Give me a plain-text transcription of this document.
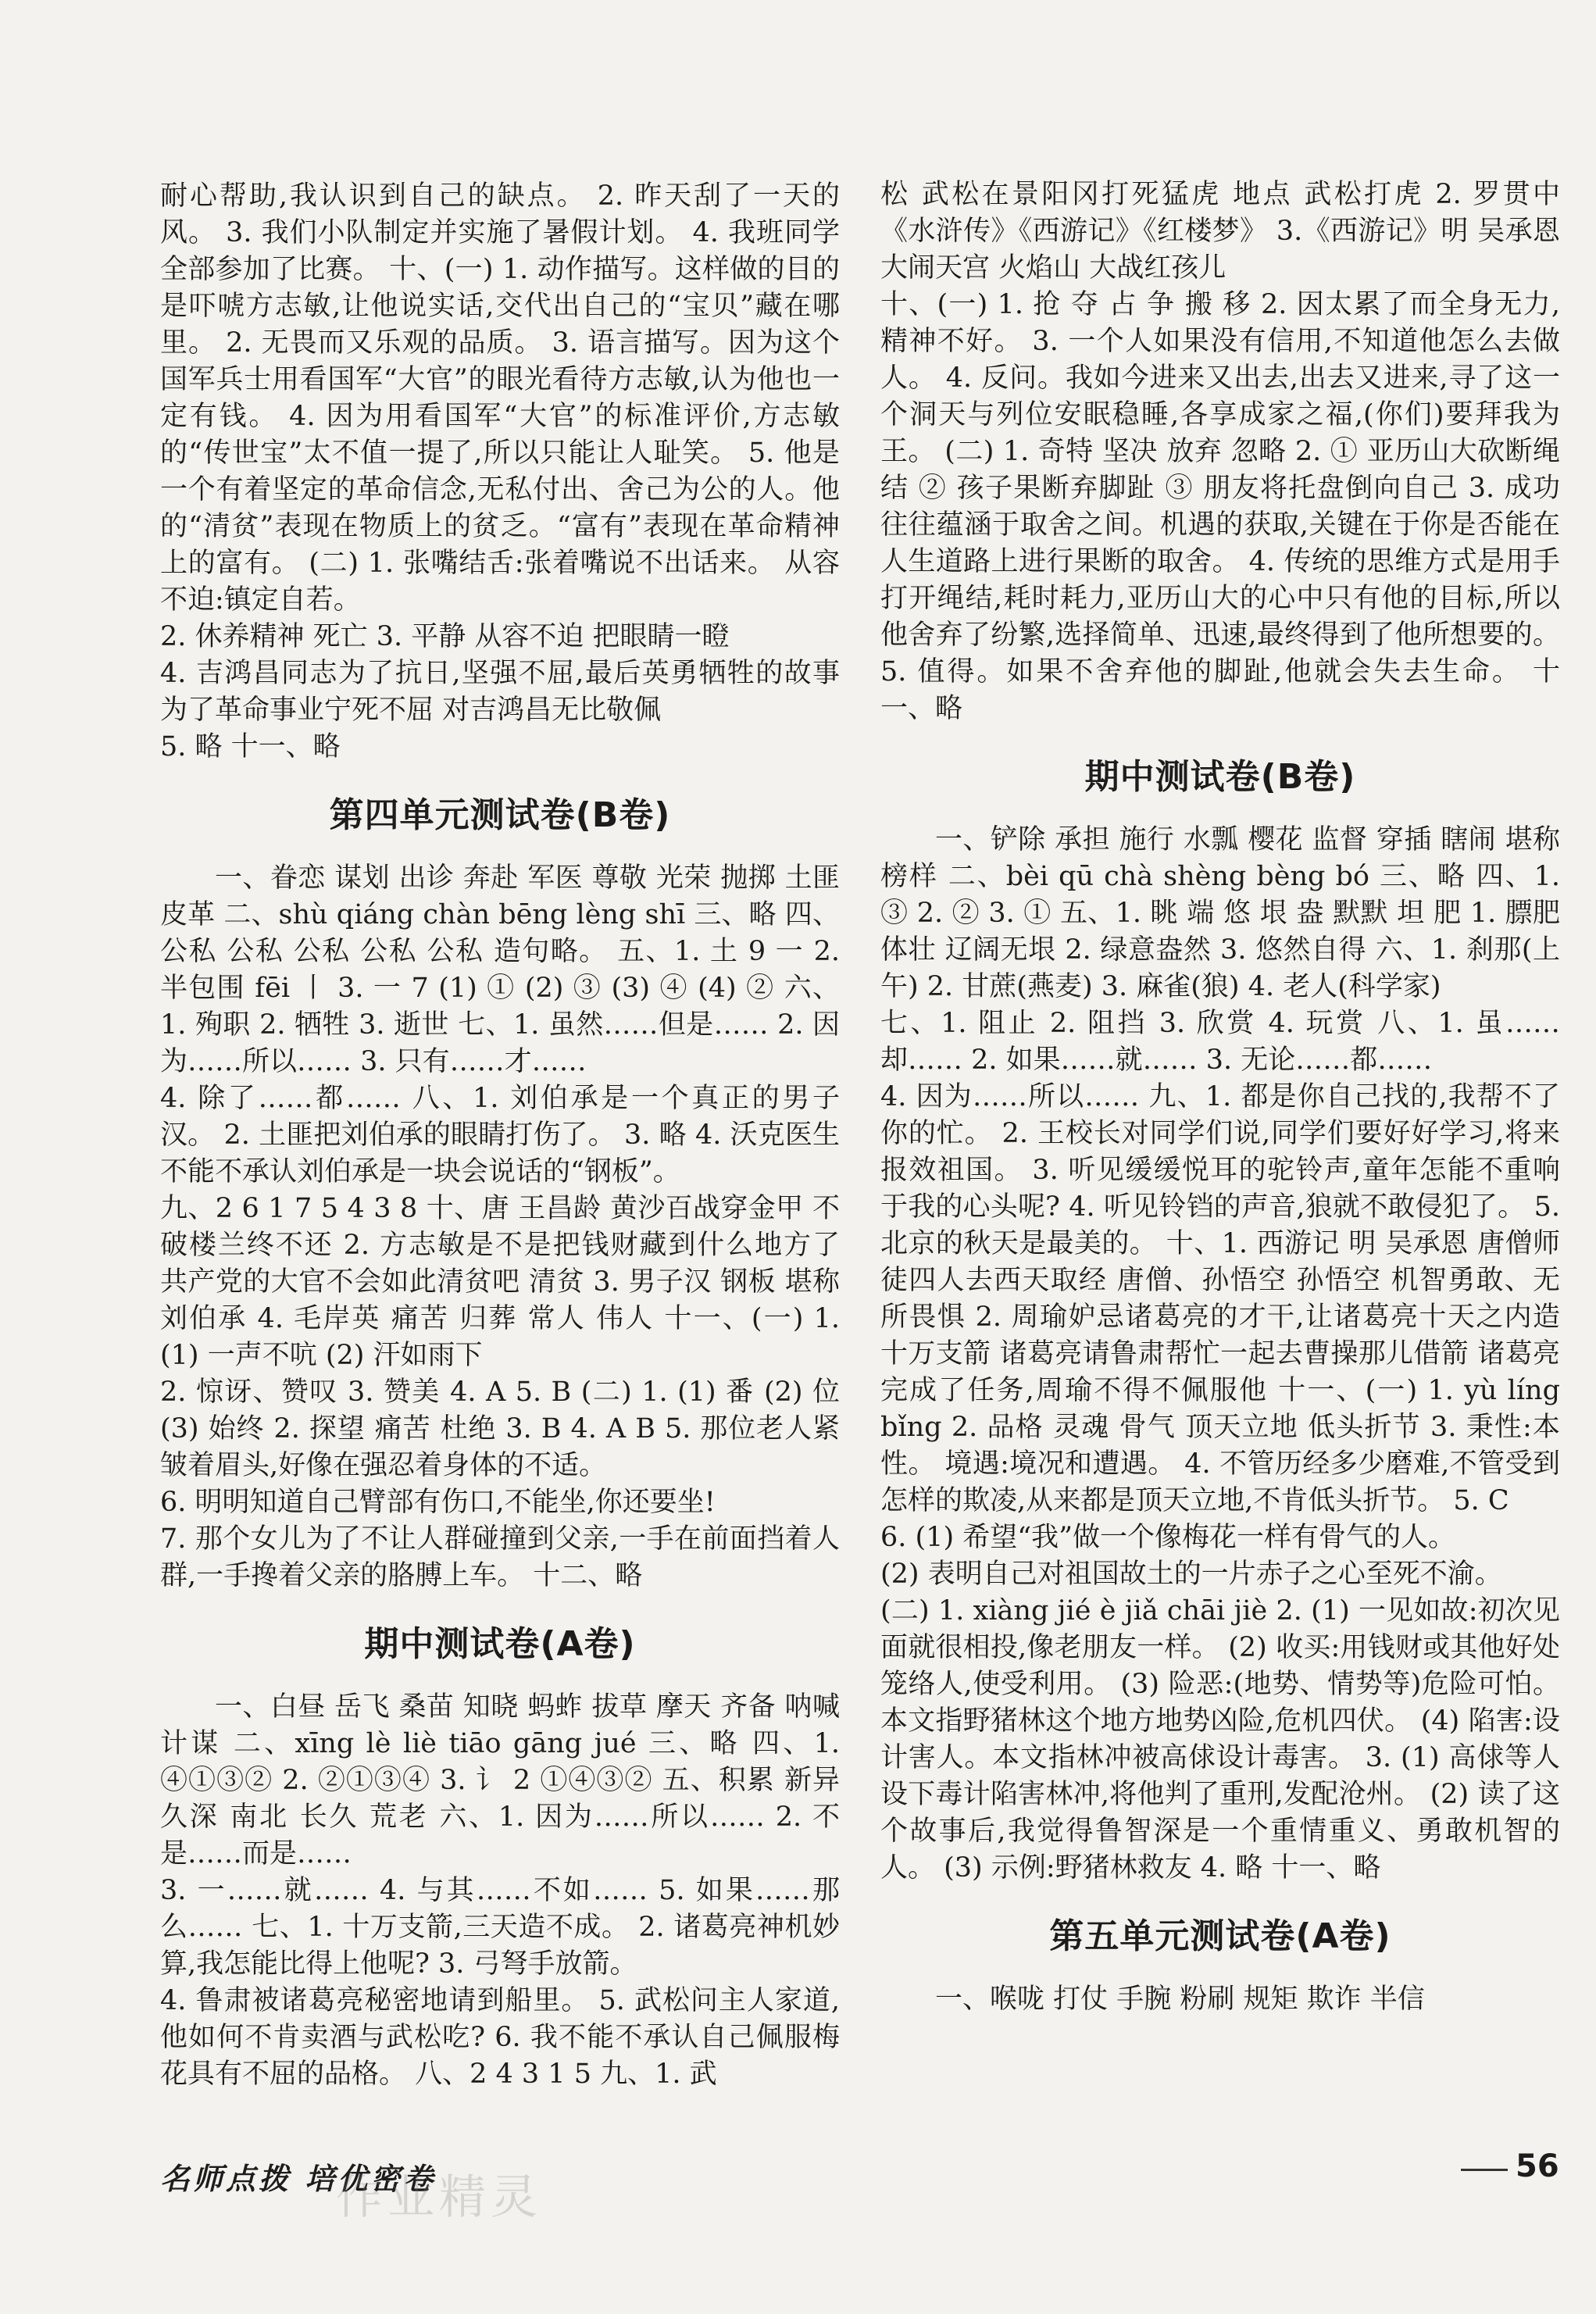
耐心帮助,我认识到自己的缺点。 2. 昨天刮了一天的风。 3. 我们小队制定并实施了暑假计划。 4. 我班同学全部参加了比赛。 十、(一) 1. 动作描写。这样做的目的是吓唬方志敏,让他说实话,交代出自己的“宝贝”藏在哪里。 2. 无畏而又乐观的品质。 3. 语言描写。因为这个国军兵士用看国军“大官”的眼光看待方志敏,认为他也一定有钱。 4. 因为用看国军“大官”的标准评价,方志敏的“传世宝”太不值一提了,所以只能让人耻笑。 5. 他是一个有着坚定的革命信念,无私付出、舍己为公的人。他的“清贫”表现在物质上的贫乏。“富有”表现在革命精神上的富有。 (二) 1. 张嘴结舌:张着嘴说不出话来。 从容不迫:镇定自若。

2. 休养精神 死亡 3. 平静 从容不迫 把眼睛一瞪

4. 吉鸿昌同志为了抗日,坚强不屈,最后英勇牺牲的故事 为了革命事业宁死不屈 对吉鸿昌无比敬佩

5. 略 十一、略

第四单元测试卷(B卷)

一、眷恋 谋划 出诊 奔赴 军医 尊敬 光荣 抛掷 土匪 皮革 二、shù qiáng chàn bēng lèng shī 三、略 四、公私 公私 公私 公私 公私 造句略。 五、1. 土 9 一 2. 半包围 fēi 丨 3. 一 7 (1) ① (2) ③ (3) ④ (4) ② 六、1. 殉职 2. 牺牲 3. 逝世 七、1. 虽然……但是…… 2. 因为……所以…… 3. 只有……才……

4. 除了……都…… 八、1. 刘伯承是一个真正的男子汉。 2. 土匪把刘伯承的眼睛打伤了。 3. 略 4. 沃克医生不能不承认刘伯承是一块会说话的“钢板”。

九、2 6 1 7 5 4 3 8 十、唐 王昌龄 黄沙百战穿金甲 不破楼兰终不还 2. 方志敏是不是把钱财藏到什么地方了 共产党的大官不会如此清贫吧 清贫 3. 男子汉 钢板 堪称 刘伯承 4. 毛岸英 痛苦 归葬 常人 伟人 十一、(一) 1. (1) 一声不吭 (2) 汗如雨下

2. 惊讶、赞叹 3. 赞美 4. A 5. B (二) 1. (1) 番 (2) 位 (3) 始终 2. 探望 痛苦 杜绝 3. B 4. A B 5. 那位老人紧皱着眉头,好像在强忍着身体的不适。

6. 明明知道自己臂部有伤口,不能坐,你还要坐!

7. 那个女儿为了不让人群碰撞到父亲,一手在前面挡着人群,一手搀着父亲的胳膊上车。 十二、略

期中测试卷(A卷)

一、白昼 岳飞 桑苗 知晓 蚂蚱 拔草 摩天 齐备 呐喊 计谋 二、xīng lè liè tiāo gāng jué 三、略 四、1. ④①③② 2. ②①③④ 3. 讠 2 ①④③② 五、积累 新异 久深 南北 长久 荒老 六、1. 因为……所以…… 2. 不是……而是……

3. 一……就…… 4. 与其……不如…… 5. 如果……那么…… 七、1. 十万支箭,三天造不成。 2. 诸葛亮神机妙算,我怎能比得上他呢? 3. 弓弩手放箭。

4. 鲁肃被诸葛亮秘密地请到船里。 5. 武松问主人家道,他如何不肯卖酒与武松吃? 6. 我不能不承认自己佩服梅花具有不屈的品格。 八、2 4 3 1 5 九、1. 武

松 武松在景阳冈打死猛虎 地点 武松打虎 2. 罗贯中 《水浒传》《西游记》《红楼梦》 3.《西游记》明 吴承恩 大闹天宫 火焰山 大战红孩儿

十、(一) 1. 抢 夺 占 争 搬 移 2. 因太累了而全身无力,精神不好。 3. 一个人如果没有信用,不知道他怎么去做人。 4. 反问。我如今进来又出去,出去又进来,寻了这一个洞天与列位安眠稳睡,各享成家之福,(你们)要拜我为王。 (二) 1. 奇特 坚决 放弃 忽略 2. ① 亚历山大砍断绳结 ② 孩子果断弃脚趾 ③ 朋友将托盘倒向自己 3. 成功往往蕴涵于取舍之间。机遇的获取,关键在于你是否能在人生道路上进行果断的取舍。 4. 传统的思维方式是用手打开绳结,耗时耗力,亚历山大的心中只有他的目标,所以他舍弃了纷繁,选择简单、迅速,最终得到了他所想要的。 5. 值得。如果不舍弃他的脚趾,他就会失去生命。 十一、略

期中测试卷(B卷)

一、铲除 承担 施行 水瓢 樱花 监督 穿插 瞎闹 堪称 榜样 二、bèi qū chà shèng bèng bó 三、略 四、1. ③ 2. ② 3. ① 五、1. 眺 端 悠 垠 盎 默默 坦 肥 1. 膘肥体壮 辽阔无垠 2. 绿意盎然 3. 悠然自得 六、1. 刹那(上午) 2. 甘蔗(燕麦) 3. 麻雀(狼) 4. 老人(科学家)

七、1. 阻止 2. 阻挡 3. 欣赏 4. 玩赏 八、1. 虽……却…… 2. 如果……就…… 3. 无论……都……

4. 因为……所以…… 九、1. 都是你自己找的,我帮不了你的忙。 2. 王校长对同学们说,同学们要好好学习,将来报效祖国。 3. 听见缓缓悦耳的驼铃声,童年怎能不重响于我的心头呢? 4. 听见铃铛的声音,狼就不敢侵犯了。 5. 北京的秋天是最美的。 十、1. 西游记 明 吴承恩 唐僧师徒四人去西天取经 唐僧、孙悟空 孙悟空 机智勇敢、无所畏惧 2. 周瑜妒忌诸葛亮的才干,让诸葛亮十天之内造十万支箭 诸葛亮请鲁肃帮忙一起去曹操那儿借箭 诸葛亮完成了任务,周瑜不得不佩服他 十一、(一) 1. yù líng bǐng 2. 品格 灵魂 骨气 顶天立地 低头折节 3. 秉性:本性。 境遇:境况和遭遇。 4. 不管历经多少磨难,不管受到怎样的欺凌,从来都是顶天立地,不肯低头折节。 5. C

6. (1) 希望“我”做一个像梅花一样有骨气的人。

(2) 表明自己对祖国故土的一片赤子之心至死不渝。

(二) 1. xiàng jié è jiǎ chāi jiè 2. (1) 一见如故:初次见面就很相投,像老朋友一样。 (2) 收买:用钱财或其他好处笼络人,使受利用。 (3) 险恶:(地势、情势等)危险可怕。本文指野猪林这个地方地势凶险,危机四伏。 (4) 陷害:设计害人。本文指林冲被高俅设计毒害。 3. (1) 高俅等人设下毒计陷害林冲,将他判了重刑,发配沧州。 (2) 读了这个故事后,我觉得鲁智深是一个重情重义、勇敢机智的人。 (3) 示例:野猪林救友 4. 略 十一、略

第五单元测试卷(A卷)

一、喉咙 打仗 手腕 粉刷 规矩 欺诈 半信

名师点拨 培优密卷
作业精灵
56
